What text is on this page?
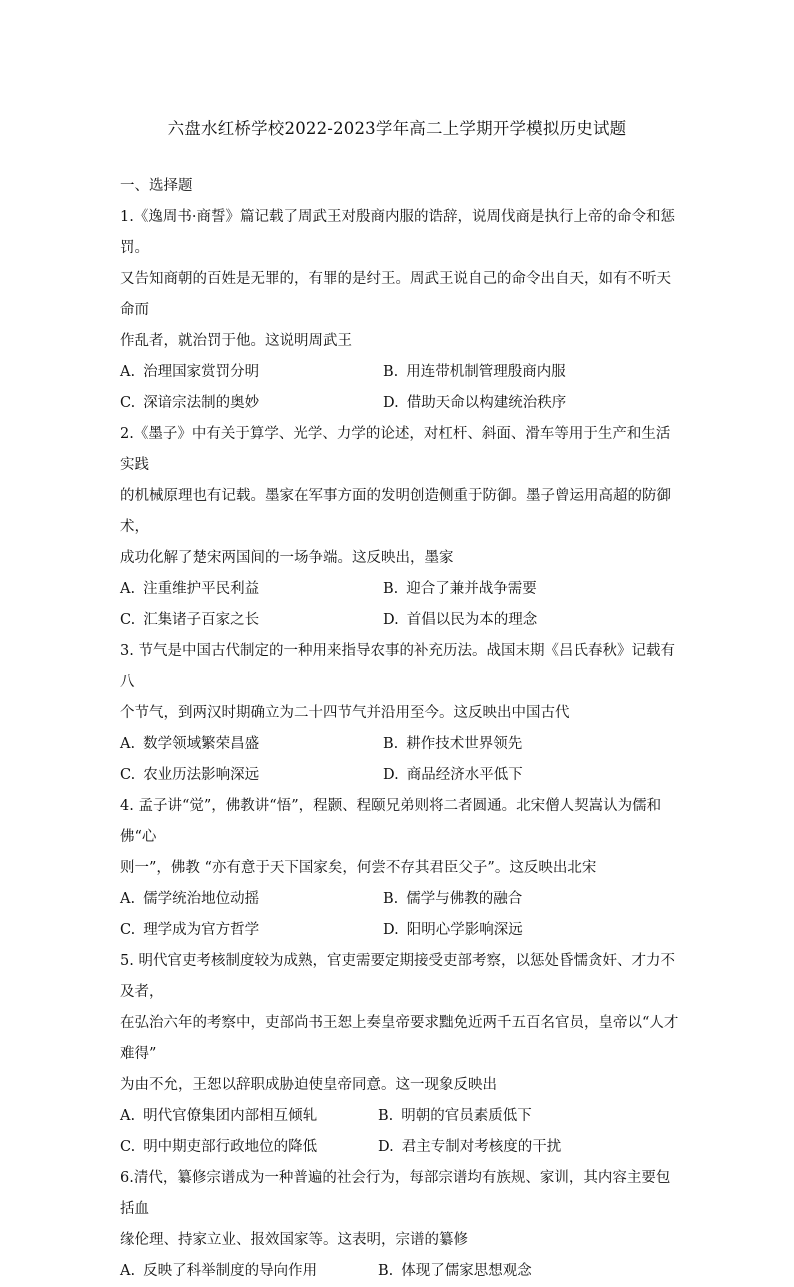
六盘水红桥学校2022-2023学年高二上学期开学模拟历史试题

一、选择题

1.《逸周书·商誓》篇记载了周武王对殷商内服的诰辞，说周伐商是执行上帝的命令和惩罚。

又告知商朝的百姓是无罪的，有罪的是纣王。周武王说自己的命令出自天，如有不听天命而

作乱者，就治罚于他。这说明周武王

A. 治理国家赏罚分明	B. 用连带机制管理殷商内服
C. 深谙宗法制的奥妙	D. 借助天命以构建统治秩序

2.《墨子》中有关于算学、光学、力学的论述，对杠杆、斜面、滑车等用于生产和生活实践

的机械原理也有记载。墨家在军事方面的发明创造侧重于防御。墨子曾运用高超的防御术，

成功化解了楚宋两国间的一场争端。这反映出，墨家

A. 注重维护平民利益	B. 迎合了兼并战争需要
C. 汇集诸子百家之长	D. 首倡以民为本的理念

3. 节气是中国古代制定的一种用来指导农事的补充历法。战国末期《吕氏春秋》记载有八

个节气，到两汉时期确立为二十四节气并沿用至今。这反映出中国古代

A. 数学领域繁荣昌盛	B. 耕作技术世界领先
C. 农业历法影响深远	D. 商品经济水平低下

4. 孟子讲“觉”，佛教讲“悟”，程颢、程颐兄弟则将二者圆通。北宋僧人契嵩认为儒和佛“心

则一”，佛教 “亦有意于天下国家矣，何尝不存其君臣父子”。这反映出北宋

A. 儒学统治地位动摇	B. 儒学与佛教的融合
C. 理学成为官方哲学	D. 阳明心学影响深远

5. 明代官吏考核制度较为成熟，官吏需要定期接受吏部考察，以惩处昏懦贪奸、才力不及者，

在弘治六年的考察中，吏部尚书王恕上奏皇帝要求黜免近两千五百名官员，皇帝以“人才难得”

为由不允，王恕以辞职成胁迫使皇帝同意。这一现象反映出

A. 明代官僚集团内部相互倾轧	B. 明朝的官员素质低下
C. 明中期吏部行政地位的降低	D. 君主专制对考核度的干扰

6.清代，纂修宗谱成为一种普遍的社会行为，每部宗谱均有族规、家训，其内容主要包括血

缘伦理、持家立业、报效国家等。这表明，宗谱的纂修

A. 反映了科举制度的导向作用	B. 体现了儒家思想观念
